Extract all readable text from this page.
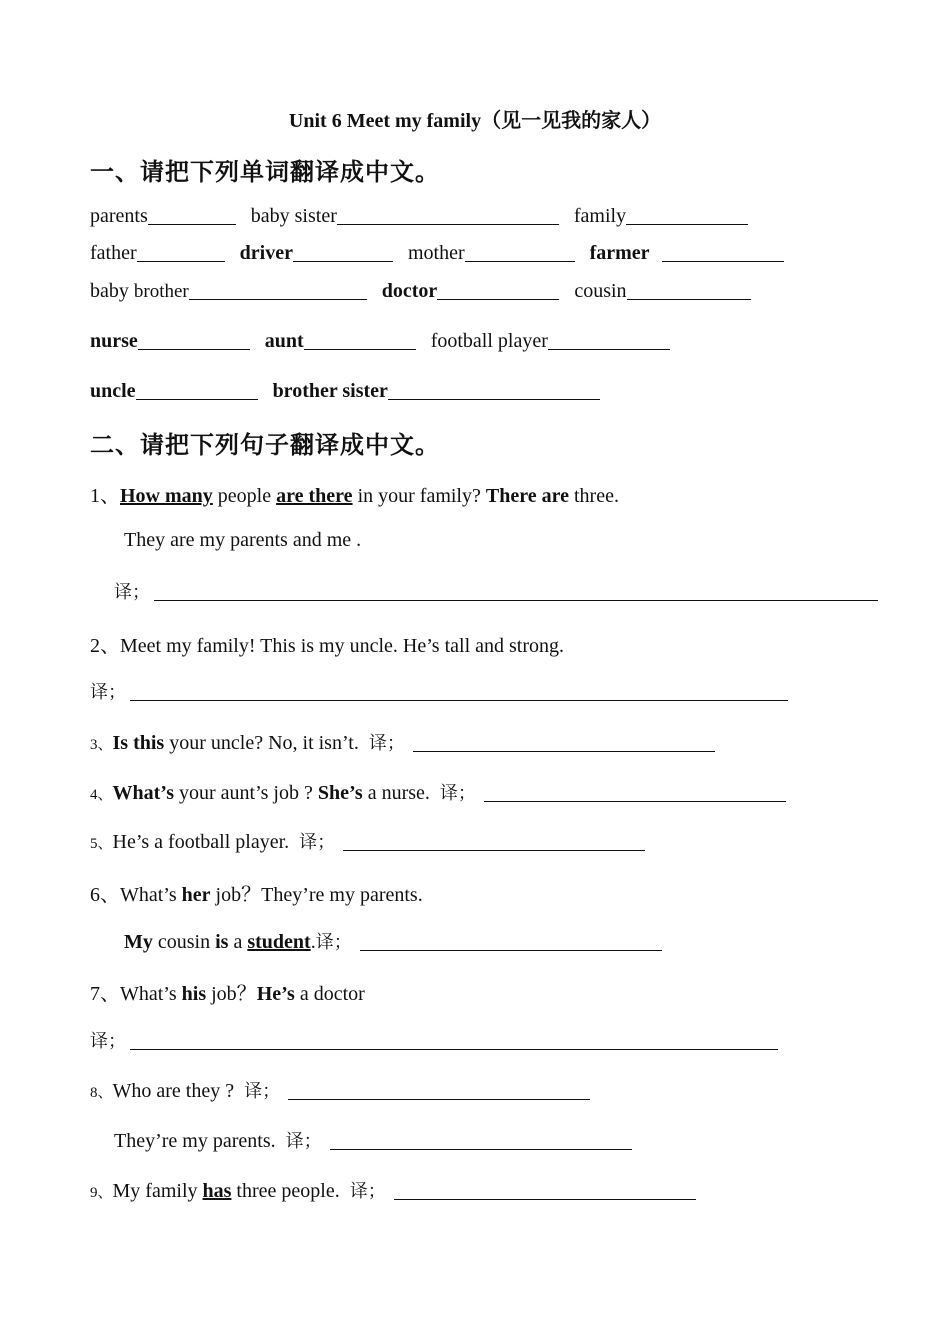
Unit 6 Meet my family（见一见我的家人）
一、请把下列单词翻译成中文。
parents	baby sister	family
father	driver	mother	farmer
baby brother	doctor	cousin
nurse	aunt	football player
uncle	brother sister
二、请把下列句子翻译成中文。
1、How many people are there in your family? There are three.
They are my parents and me .
译；
2、Meet my family! This is my uncle. He’s tall and strong.
译；
3、Is this your uncle? No, it isn’t.  译；
4、What’s your aunt’s job ? She’s a nurse.  译；
5、He’s a football player.  译；
6、What’s her job？They’re my parents.
My cousin is a student.译；
7、What’s his job？He’s a doctor
译；
8、Who are they ?  译；
They’re my parents.  译；
9、My family has three people.  译；
